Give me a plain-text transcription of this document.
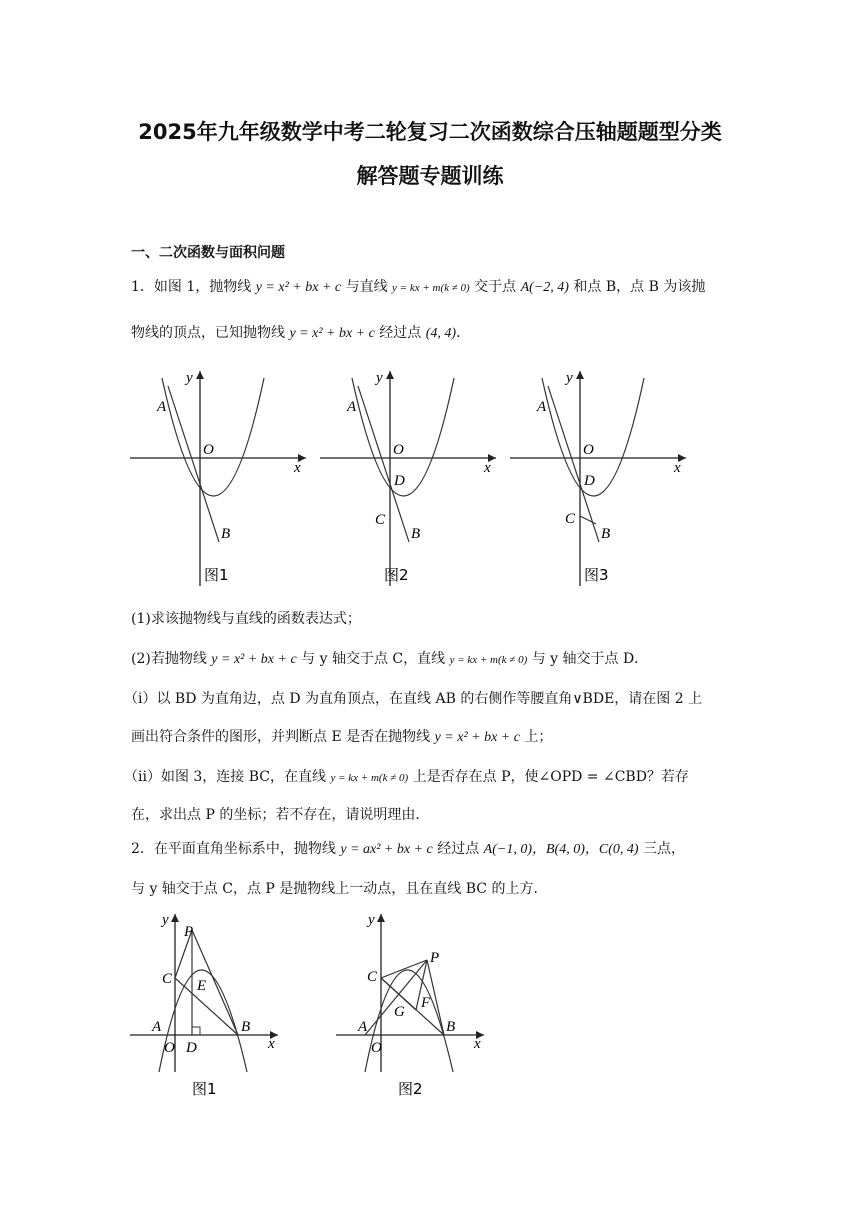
2025年九年级数学中考二轮复习二次函数综合压轴题题型分类
解答题专题训练
一、二次函数与面积问题
1．如图 1，抛物线 y = x² + bx + c 与直线 y = kx + m(k ≠ 0) 交于点 A(−2, 4) 和点 B，点 B 为该抛
物线的顶点，已知抛物线 y = x² + bx + c 经过点 (4, 4)．
y
x
O
A
B
图1
y
x
O
A
D
C
B
图2
y
x
O
A
D
C
B
图3
(1)求该抛物线与直线的函数表达式；
(2)若抛物线 y = x² + bx + c 与 y 轴交于点 C，直线 y = kx + m(k ≠ 0) 与 y 轴交于点 D．
（i）以 BD 为直角边，点 D 为直角顶点，在直线 AB 的右侧作等腰直角∨BDE，请在图 2 上
画出符合条件的图形，并判断点 E 是否在抛物线 y = x² + bx + c 上；
（ii）如图 3，连接 BC，在直线 y = kx + m(k ≠ 0) 上是否存在点 P，使∠OPD = ∠CBD？若存
在，求出点 P 的坐标；若不存在，请说明理由．
2．在平面直角坐标系中，抛物线 y = ax² + bx + c 经过点 A(−1, 0)，B(4, 0)，C(0, 4) 三点，
与 y 轴交于点 C，点 P 是抛物线上一动点，且在直线 BC 的上方．
y
x
P
C E
A	B
O D
图1
y
x
P
C
F
G
A	B
O
图2
